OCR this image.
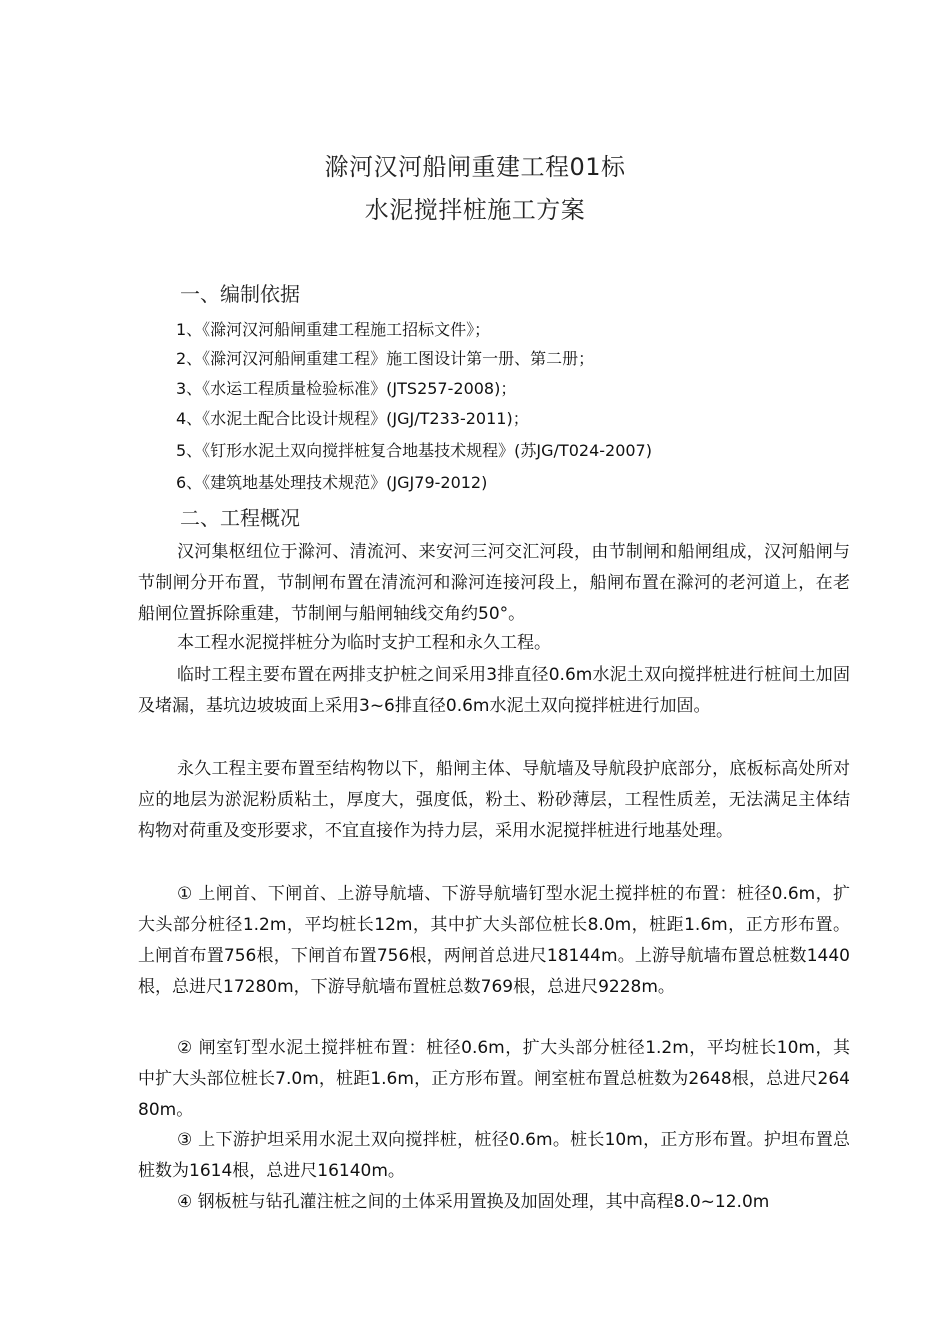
滁河汉河船闸重建工程01标
水泥搅拌桩施工方案
一、编制依据
1、《滁河汉河船闸重建工程施工招标文件》；
2、《滁河汉河船闸重建工程》施工图设计第一册、第二册；
3、《水运工程质量检验标准》(JTS257-2008)；
4、《水泥土配合比设计规程》(JGJ/T233-2011)；
5、《钉形水泥土双向搅拌桩复合地基技术规程》(苏JG/T024-2007)
6、《建筑地基处理技术规范》(JGJ79-2012)
二、工程概况
汉河集枢纽位于滁河、清流河、来安河三河交汇河段，由节制闸和船闸组成，汉河船闸与节制闸分开布置，节制闸布置在清流河和滁河连接河段上，船闸布置在滁河的老河道上，在老船闸位置拆除重建，节制闸与船闸轴线交角约50°。
本工程水泥搅拌桩分为临时支护工程和永久工程。
临时工程主要布置在两排支护桩之间采用3排直径0.6m水泥土双向搅拌桩进行桩间土加固及堵漏，基坑边坡坡面上采用3~6排直径0.6m水泥土双向搅拌桩进行加固。
永久工程主要布置至结构物以下，船闸主体、导航墙及导航段护底部分，底板标高处所对应的地层为淤泥粉质粘土，厚度大，强度低，粉土、粉砂薄层，工程性质差，无法满足主体结构物对荷重及变形要求，不宜直接作为持力层，采用水泥搅拌桩进行地基处理。
① 上闸首、下闸首、上游导航墙、下游导航墙钉型水泥土搅拌桩的布置：桩径0.6m，扩大头部分桩径1.2m，平均桩长12m，其中扩大头部位桩长8.0m，桩距1.6m，正方形布置。上闸首布置756根，下闸首布置756根，两闸首总进尺18144m。上游导航墙布置总桩数1440根，总进尺17280m，下游导航墙布置桩总数769根，总进尺9228m。
② 闸室钉型水泥土搅拌桩布置：桩径0.6m，扩大头部分桩径1.2m，平均桩长10m，其中扩大头部位桩长7.0m，桩距1.6m，正方形布置。闸室桩布置总桩数为2648根，总进尺26480m。
③ 上下游护坦采用水泥土双向搅拌桩，桩径0.6m。桩长10m，正方形布置。护坦布置总桩数为1614根，总进尺16140m。
④ 钢板桩与钻孔灌注桩之间的土体采用置换及加固处理，其中高程8.0~12.0m
